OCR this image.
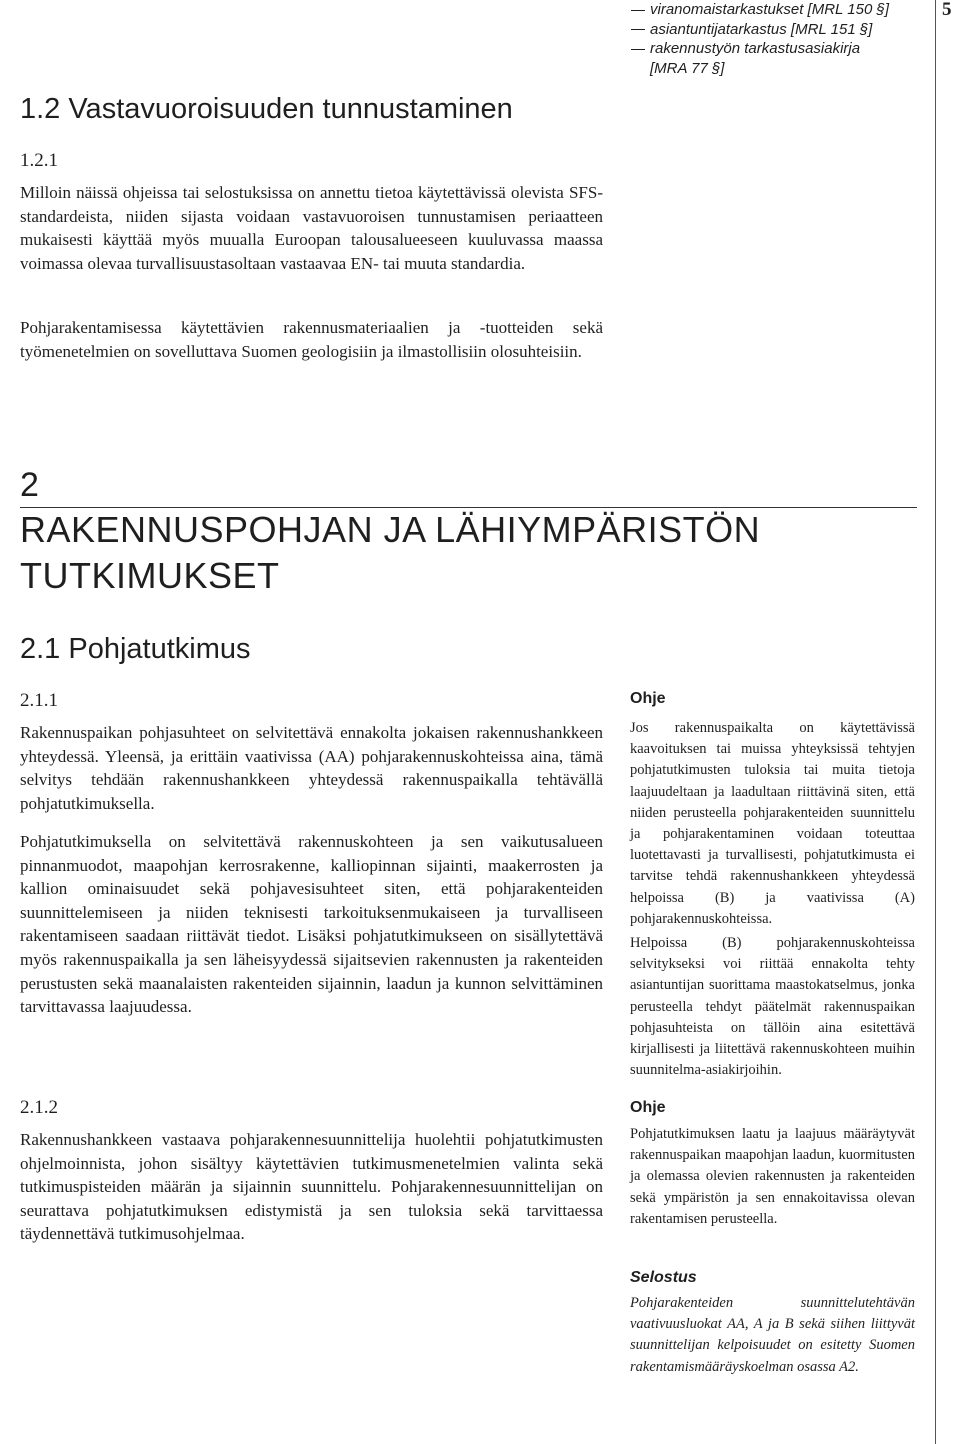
5
viranomaistarkastukset [MRL 150 §]
asiantuntijatarkastus [MRL 151 §]
rakennustyön tarkastusasiakirja
[MRA 77 §]
1.2 Vastavuoroisuuden tunnustaminen
1.2.1
Milloin näissä ohjeissa tai selostuksissa on annettu tietoa käytettävissä olevista SFS-standardeista, niiden sijasta voidaan vastavuoroisen tunnustamisen periaatteen mukaisesti käyttää myös muualla Euroopan talousalueeseen kuuluvassa maassa voimassa olevaa turvallisuustasoltaan vastaavaa EN- tai muuta standardia.
Pohjarakentamisessa käytettävien rakennusmateriaalien ja -tuotteiden sekä työmenetelmien on sovelluttava Suomen geologisiin ja ilmastollisiin olosuhteisiin.
2
RAKENNUSPOHJAN JA LÄHIYMPÄRISTÖN
TUTKIMUKSET
2.1 Pohjatutkimus
2.1.1
Rakennuspaikan pohjasuhteet on selvitettävä ennakolta jokaisen rakennushankkeen yhteydessä. Yleensä, ja erittäin vaativissa (AA) pohjarakennuskohteissa aina, tämä selvitys tehdään rakennushankkeen yhteydessä rakennuspaikalla tehtävällä pohjatutkimuksella.
Pohjatutkimuksella on selvitettävä rakennuskohteen ja sen vaikutusalueen pinnanmuodot, maapohjan kerrosrakenne, kalliopinnan sijainti, maakerrosten ja kallion ominaisuudet sekä pohjavesisuhteet siten, että pohjarakenteiden suunnittelemiseen ja niiden teknisesti tarkoituksenmukaiseen ja turvalliseen rakentamiseen saadaan riittävät tiedot. Lisäksi pohjatutkimukseen on sisällytettävä myös rakennuspaikalla ja sen läheisyydessä sijaitsevien rakennusten ja rakenteiden perustusten sekä maanalaisten rakenteiden sijainnin, laadun ja kunnon selvittäminen tarvittavassa laajuudessa.
2.1.2
Rakennushankkeen vastaava pohjarakennesuunnittelija huolehtii pohjatutkimusten ohjelmoinnista, johon sisältyy käytettävien tutkimusmenetelmien valinta sekä tutkimuspisteiden määrän ja sijainnin suunnittelu. Pohjarakennesuunnittelijan on seurattava pohjatutkimuksen edistymistä ja sen tuloksia sekä tarvittaessa täydennettävä tutkimusohjelmaa.
Ohje
Jos rakennuspaikalta on käytettävissä kaavoituksen tai muissa yhteyksissä tehtyjen pohjatutkimusten tuloksia tai muita tietoja laajuudeltaan ja laadultaan riittävinä siten, että niiden perusteella pohjarakenteiden suunnittelu ja pohjarakentaminen voidaan toteuttaa luotettavasti ja turvallisesti, pohjatutkimusta ei tarvitse tehdä rakennushankkeen yhteydessä helpoissa (B) ja vaativissa (A) pohjarakennuskohteissa.
Helpoissa (B) pohjarakennuskohteissa selvitykseksi voi riittää ennakolta tehty asiantuntijan suorittama maastokatselmus, jonka perusteella tehdyt päätelmät rakennuspaikan pohjasuhteista on tällöin aina esitettävä kirjallisesti ja liitettävä rakennuskohteen muihin suunnitelma-asiakirjoihin.
Ohje
Pohjatutkimuksen laatu ja laajuus määräytyvät rakennuspaikan maapohjan laadun, kuormitusten ja olemassa olevien rakennusten ja rakenteiden sekä ympäristön ja sen ennakoitavissa olevan rakentamisen perusteella.
Selostus
Pohjarakenteiden suunnittelutehtävän vaativuusluokat AA, A ja B sekä siihen liittyvät suunnittelijan kelpoisuudet on esitetty Suomen rakentamismääräyskoelman osassa A2.
